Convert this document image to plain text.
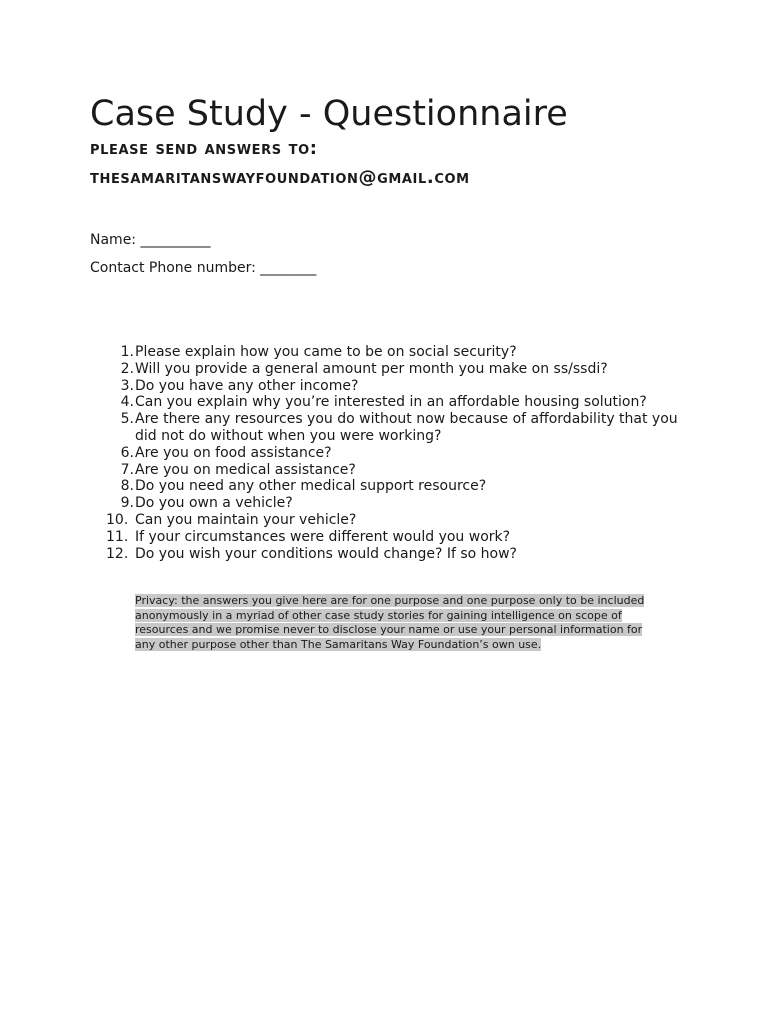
Case Study - Questionnaire
please send answers to:
thesamaritanswayfoundation@gmail.com
Name: __________
Contact Phone number: ________
1. Please explain how you came to be on social security?
2. Will you provide a general amount per month you make on ss/ssdi?
3. Do you have any other income?
4. Can you explain why you’re interested in an affordable housing solution?
5. Are there any resources you do without now because of affordability that you did not do without when you were working?
6. Are you on food assistance?
7. Are you on medical assistance?
8. Do you need any other medical support resource?
9. Do you own a vehicle?
10. Can you maintain your vehicle?
11. If your circumstances were different would you work?
12. Do you wish your conditions would change? If so how?

Privacy: the answers you give here are for one purpose and one purpose only to be included anonymously in a myriad of other case study stories for gaining intelligence on scope of resources and we promise never to disclose your name or use your personal information for any other purpose other than The Samaritans Way Foundation’s own use.
